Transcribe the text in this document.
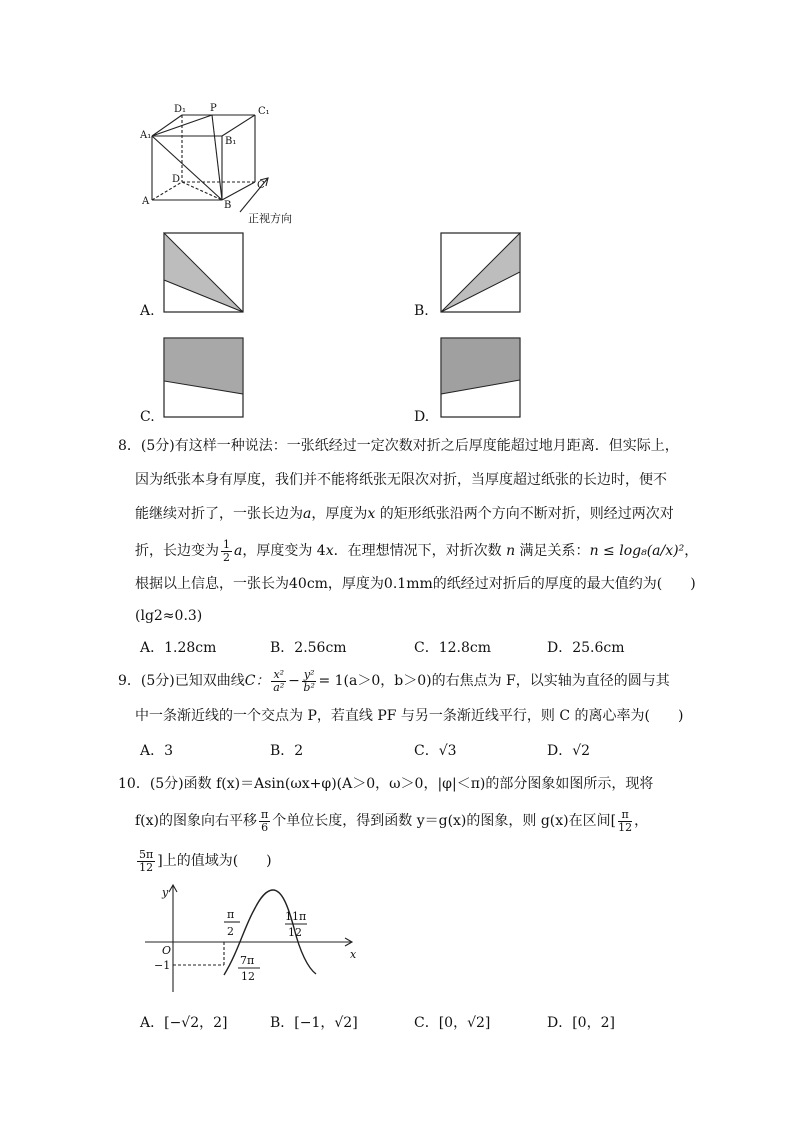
D₁ P	C₁
A₁
B₁
D
C
A	B
正视方向
A.	B.
C.	D.
8．(5分)有这样一种说法：一张纸经过一定次数对折之后厚度能超过地月距离．但实际上，
因为纸张本身有厚度，我们并不能将纸张无限次对折，当厚度超过纸张的长边时，便不
能继续对折了，一张长边为a，厚度为x 的矩形纸张沿两个方向不断对折，则经过两次对
折，长边变为 $\frac{1}{2}$ a，厚度变为 4x．在理想情况下，对折次数 n 满足关系：n ≤ log₈(a/x)²，
根据以上信息，一张长为40cm，厚度为0.1mm的纸经过对折后的厚度的最大值约为(　　)
(lg2≈0.3)
A．1.28cm	B．2.56cm	C．12.8cm	D．25.6cm
9．(5分)已知双曲线C： $\frac{\text{x²}}{\text{a²}} - \frac{\text{y²}}{\text{b²}} = 1(a>0$，b＞0)的右焦点为 F，以实轴为直径的圆与其
中一条渐近线的一个交点为 P，若直线 PF 与另一条渐近线平行，则 C 的离心率为(　　)
A．3	B．2	C．√3	D．√2
10．(5分)函数 f(x)＝Asin(ωx+φ)(A＞0，ω＞0，|φ|＜π)的部分图象如图所示，现将
f(x)的图象向右平移 $\frac{\pi}{6}$ 个单位长度，得到函数 y＝g(x)的图象，则 g(x)在区间[ $\frac{\pi}{12}$ ，
$\frac{5\pi}{12}$ ]上的值域为(　　)
y
O	x
−1
π
2
7π
12
11π
12
A．[−√2，2]	B．[−1，√2]	C．[0，√2]	D．[0，2]
